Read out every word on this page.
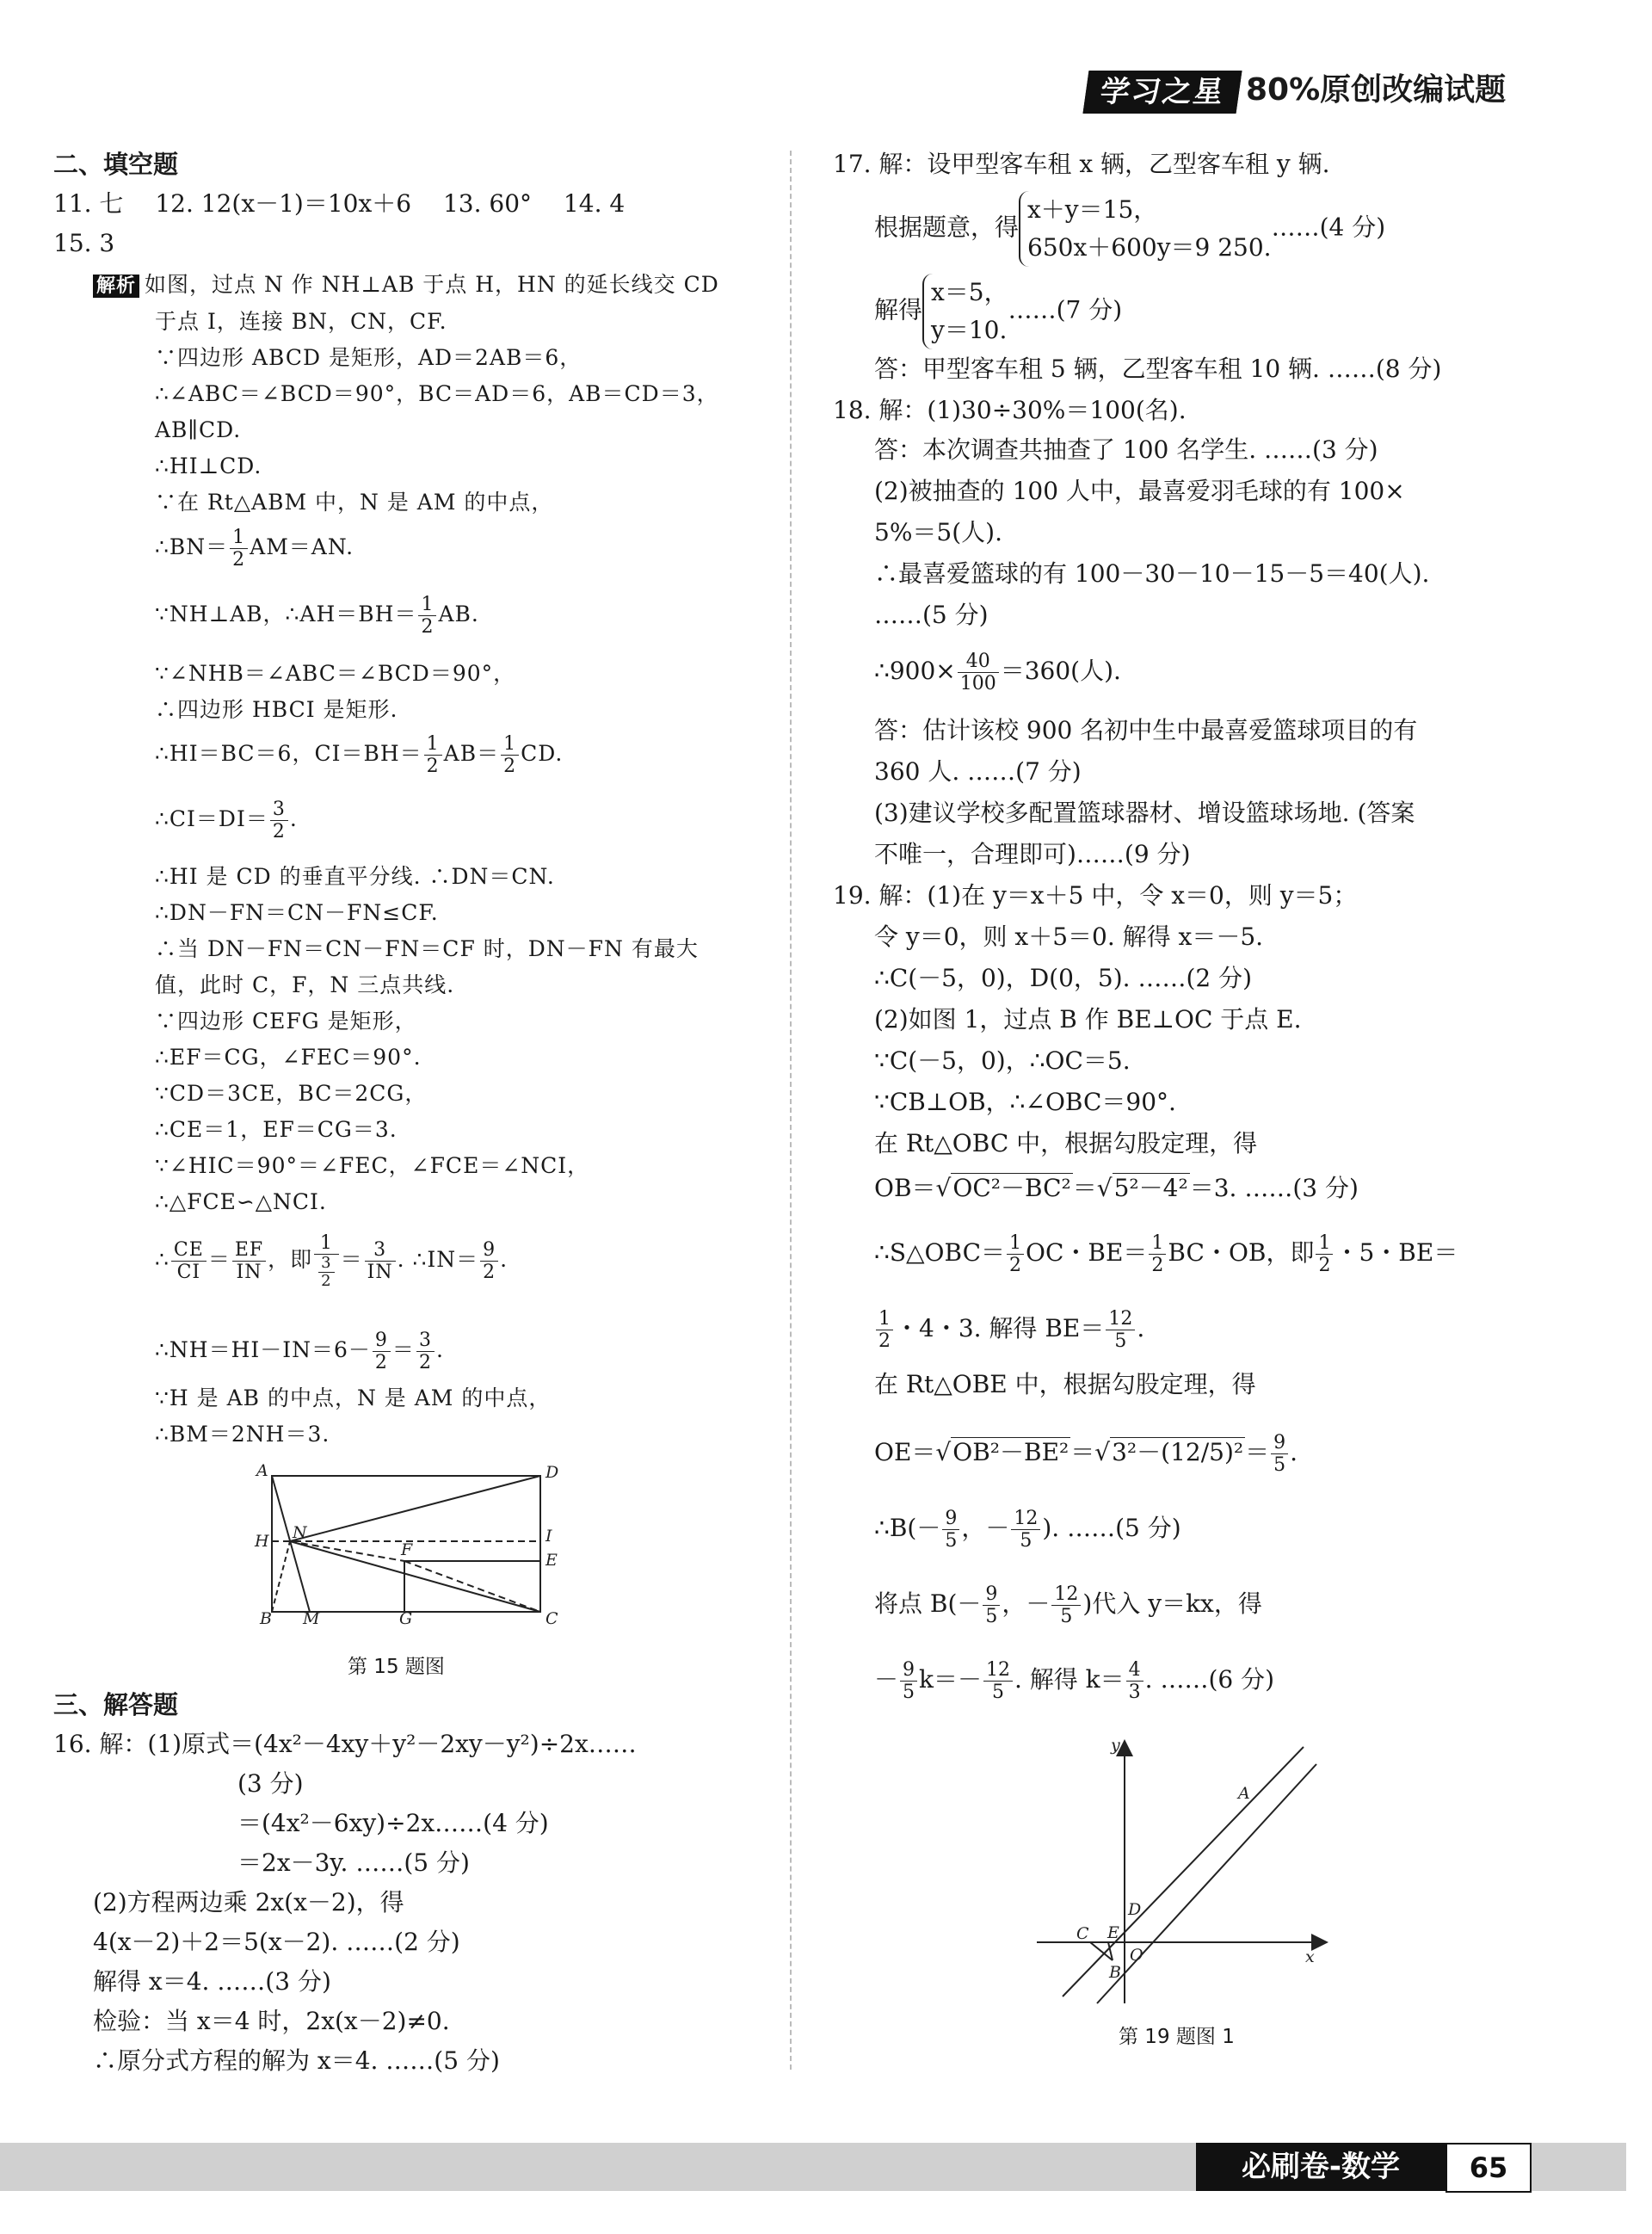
学习之星 80%原创改编试题
二、填空题
11. 七　 12. 12(x－1)＝10x＋6　 13. 60°　 14. 4
15. 3
解析 如图，过点 N 作 NH⊥AB 于点 H，HN 的延长线交 CD
于点 I，连接 BN，CN，CF.
∵四边形 ABCD 是矩形，AD＝2AB＝6，
∴∠ABC＝∠BCD＝90°，BC＝AD＝6，AB＝CD＝3，
AB∥CD.
∴HI⊥CD.
∵在 Rt△ABM 中，N 是 AM 的中点，
∴BN＝ $\frac{1}{2} AM=AN$.
∵NH⊥AB，∴AH＝BH＝ $\frac{1}{2}$ AB.
∵∠NHB＝∠ABC＝∠BCD＝90°，
∴四边形 HBCI 是矩形.
∴HI＝BC＝6，$CI=BH= \frac{1}{2} AB= \frac{1}{2}$ CD.
∴CI＝DI＝ $\frac{3}{2}$ .
∴HI 是 CD 的垂直平分线. ∴DN＝CN.
∴DN－FN＝CN－FN≤CF.
∴当 DN－FN＝CN－FN＝CF 时，DN－FN 有最大
值，此时 C，F，N 三点共线.
∵四边形 CEFG 是矩形，
∴EF＝CG，∠FEC＝90°.
∵CD＝3CE，BC＝2CG，
∴CE＝1，EF＝CG＝3.
∵∠HIC＝90°＝∠FEC，∠FCE＝∠NCI，
∴△FCE∽△NCI.
∴ $\frac{CE}{CI} = \frac{EF}{IN}$ ，即 $\frac{1}{\frac{3}{2}} = \frac{3}{IN}$ . ∴IN＝ $\frac{9}{2}$ .
∴NH＝HI－IN＝6－ $\frac{9}{2} = \frac{3}{2}$ .
∵H 是 AB 的中点，N 是 AM 的中点，
∴BM＝2NH＝3.
A	D
H N	I
F
E
B M	G	C
第 15 题图
三、解答题
16. 解：(1)原式＝(4x²－4xy＋y²－2xy－y²)÷2x……
(3 分)
＝(4x²－6xy)÷2x……(4 分)
＝2x－3y. ……(5 分)
(2)方程两边乘 2x(x－2)，得
4(x－2)＋2＝5(x－2). ……(2 分)
解得 x＝4. ……(3 分)
检验：当 x＝4 时，2x(x－2)≠0.
∴原分式方程的解为 x＝4. ……(5 分)
17. 解：设甲型客车租 x 辆，乙型客车租 y 辆.
根据题意，得
x＋y＝15，
650x＋600y＝9 250.
……(4 分)
解得
x＝5，
y＝10.
……(7 分)
答：甲型客车租 5 辆，乙型客车租 10 辆. ……(8 分)
18. 解：(1)30÷30%＝100(名).
答：本次调查共抽查了 100 名学生. ……(3 分)
(2)被抽查的 100 人中，最喜爱羽毛球的有 100×
5%＝5(人).
∴最喜爱篮球的有 100－30－10－15－5＝40(人).
……(5 分)
∴900× $\frac{40}{100} =360$(人).
答：估计该校 900 名初中生中最喜爱篮球项目的有
360 人. ……(7 分)
(3)建议学校多配置篮球器材、增设篮球场地. (答案
不唯一，合理即可)……(9 分)
19. 解：(1)在 y＝x＋5 中，令 x＝0，则 y＝5；
令 y＝0，则 x＋5＝0. 解得 x＝－5.
∴C(－5，0)，D(0，5). ……(2 分)
(2)如图 1，过点 B 作 BE⊥OC 于点 E.
∵C(－5，0)，∴OC＝5.
∵CB⊥OB，∴∠OBC＝90°.
在 Rt△OBC 中，根据勾股定理，得
OB＝√OC²－BC²＝√5²－4²＝3. ……(3 分)
∴S△OBC＝ $\frac{1}{2}$ OC・$BE= \frac{1}{2}$ BC・OB，即 $\frac{1}{2}$ ・5・BE＝
$\frac{1}{2}$ ・4・3. 解得 $BE= \frac{12}{5}$ .
在 Rt△OBE 中，根据勾股定理，得
$OE=√OB^2-BE^2=√3^2-(12/5)^2= \frac{9}{5}$ .
∴B(－ $\frac{9}{5}$ ，－ $\frac{12}{5}$ ). ……(5 分)
将点 $B(- \frac{9}{5}$ ，－ $\frac{12}{5}$ )代入 y＝kx，得
－ $\frac{9}{5} k=- \frac{12}{5}$ . 解得 $k= \frac{4}{3}$ . ……(6 分)
y
x
A
D
C E
O
B
第 19 题图 1
必刷卷-数学	65
